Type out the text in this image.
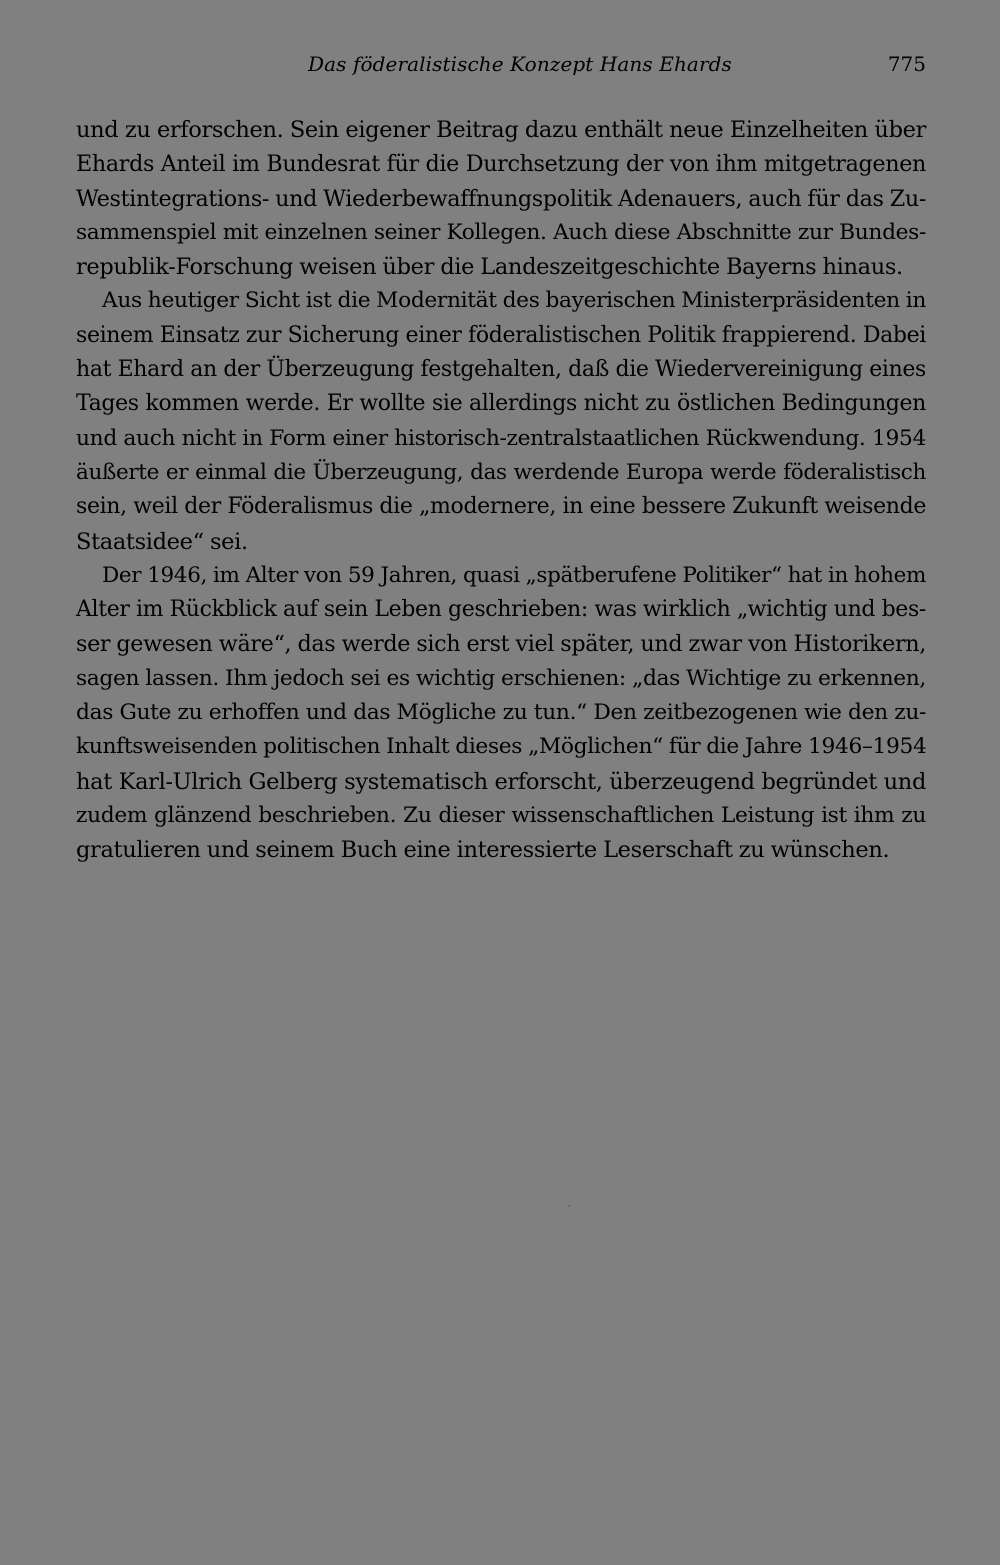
Das föderalistische Konzept Hans Ehards	775
und zu erforschen. Sein eigener Beitrag dazu enthält neue Einzelheiten über
Ehards Anteil im Bundesrat für die Durchsetzung der von ihm mitgetragenen
Westintegrations- und Wiederbewaffnungspolitik Adenauers, auch für das Zu-
sammenspiel mit einzelnen seiner Kollegen. Auch diese Abschnitte zur Bundes-
republik-Forschung weisen über die Landeszeitgeschichte Bayerns hinaus.
Aus heutiger Sicht ist die Modernität des bayerischen Ministerpräsidenten in
seinem Einsatz zur Sicherung einer föderalistischen Politik frappierend. Dabei
hat Ehard an der Überzeugung festgehalten, daß die Wiedervereinigung eines
Tages kommen werde. Er wollte sie allerdings nicht zu östlichen Bedingungen
und auch nicht in Form einer historisch-zentralstaatlichen Rückwendung. 1954
äußerte er einmal die Überzeugung, das werdende Europa werde föderalistisch
sein, weil der Föderalismus die „modernere, in eine bessere Zukunft weisende
Staatsidee“ sei.
Der 1946, im Alter von 59 Jahren, quasi „spätberufene Politiker“ hat in hohem
Alter im Rückblick auf sein Leben geschrieben: was wirklich „wichtig und bes-
ser gewesen wäre“, das werde sich erst viel später, und zwar von Historikern,
sagen lassen. Ihm jedoch sei es wichtig erschienen: „das Wichtige zu erkennen,
das Gute zu erhoffen und das Mögliche zu tun.“ Den zeitbezogenen wie den zu-
kunftsweisenden politischen Inhalt dieses „Möglichen“ für die Jahre 1946–1954
hat Karl-Ulrich Gelberg systematisch erforscht, überzeugend begründet und
zudem glänzend beschrieben. Zu dieser wissenschaftlichen Leistung ist ihm zu
gratulieren und seinem Buch eine interessierte Leserschaft zu wünschen.
